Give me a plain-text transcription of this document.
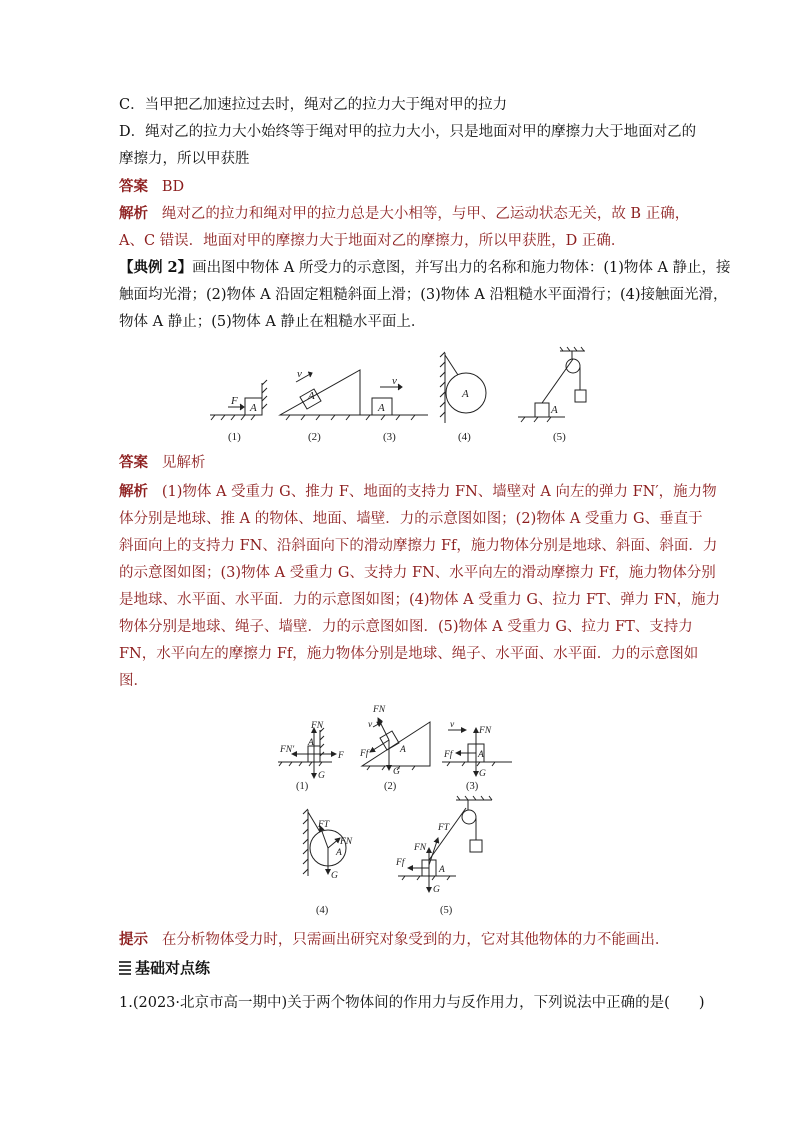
C．当甲把乙加速拉过去时，绳对乙的拉力大于绳对甲的拉力
D．绳对乙的拉力大小始终等于绳对甲的拉力大小，只是地面对甲的摩擦力大于地面对乙的
摩擦力，所以甲获胜
答案 BD
解析 绳对乙的拉力和绳对甲的拉力总是大小相等，与甲、乙运动状态无关，故 B 正确，
A、C 错误．地面对甲的摩擦力大于地面对乙的摩擦力，所以甲获胜，D 正确．
【典例 2】画出图中物体 A 所受力的示意图，并写出力的名称和施力物体：(1)物体 A 静止，接
触面均光滑；(2)物体 A 沿固定粗糙斜面上滑；(3)物体 A 沿粗糙水平面滑行；(4)接触面光滑，
物体 A 静止；(5)物体 A 静止在粗糙水平面上．
A
F	A
v
A
v
A
A
(1)	(2)	(3)	(4)	(5)
答案 见解析
解析 (1)物体 A 受重力 G、推力 F、地面的支持力 FN、墙壁对 A 向左的弹力 FN′，施力物
体分别是地球、推 A 的物体、地面、墙壁．力的示意图如图；(2)物体 A 受重力 G、垂直于
斜面向上的支持力 FN、沿斜面向下的滑动摩擦力 Ff，施力物体分别是地球、斜面、斜面．力
的示意图如图；(3)物体 A 受重力 G、支持力 FN、水平向左的滑动摩擦力 Ff，施力物体分别
是地球、水平面、水平面．力的示意图如图；(4)物体 A 受重力 G、拉力 FT、弹力 FN，施力
物体分别是地球、绳子、墙壁．力的示意图如图．(5)物体 A 受重力 G、拉力 FT、支持力
FN，水平向左的摩擦力 Ff，施力物体分别是地球、绳子、水平面、水平面．力的示意图如
图．
FN
FN′
F
G
A
FN
v
Ff
G
A
v
FN
Ff	A
G
FT
FN
A
G
FT
FN
Ff
A
G
(1)	(2)	(3)
(4)	(5)
提示 在分析物体受力时，只需画出研究对象受到的力，它对其他物体的力不能画出．
基础对点练
1.(2023·北京市高一期中)关于两个物体间的作用力与反作用力，下列说法中正确的是(　　)
